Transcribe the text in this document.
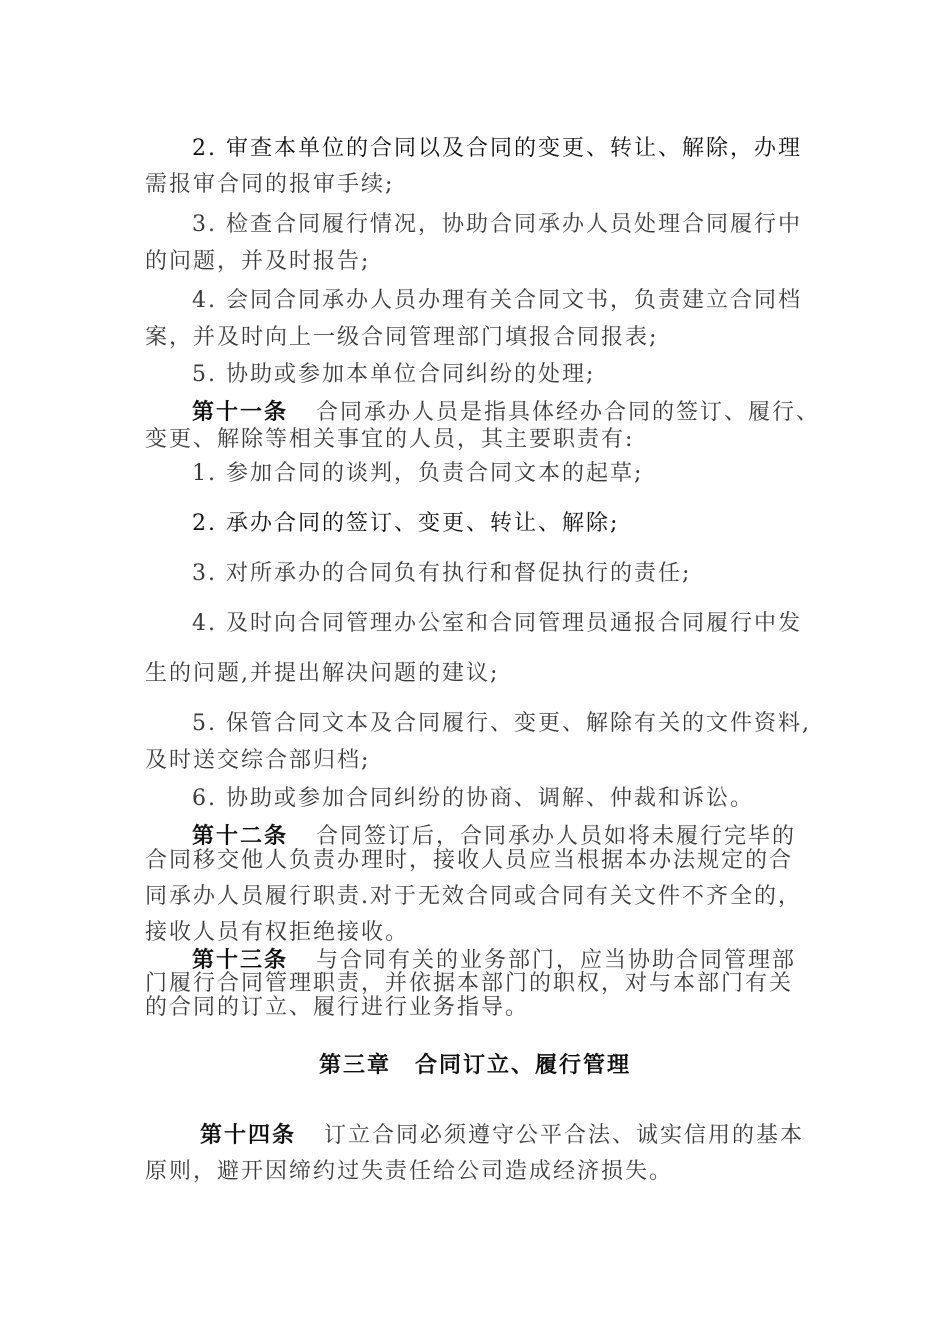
2. 审查本单位的合同以及合同的变更、转让、解除，办理
需报审合同的报审手续;
3. 检查合同履行情况，协助合同承办人员处理合同履行中
的问题，并及时报告;
4. 会同合同承办人员办理有关合同文书，负责建立合同档
案，并及时向上一级合同管理部门填报合同报表;
5. 协助或参加本单位合同纠纷的处理;
第十一条 合同承办人员是指具体经办合同的签订、履行、
变更、解除等相关事宜的人员，其主要职责有:
1. 参加合同的谈判，负责合同文本的起草;
2. 承办合同的签订、变更、转让、解除;
3. 对所承办的合同负有执行和督促执行的责任;
4. 及时向合同管理办公室和合同管理员通报合同履行中发
生的问题,并提出解决问题的建议;
5. 保管合同文本及合同履行、变更、解除有关的文件资料,
及时送交综合部归档;
6. 协助或参加合同纠纷的协商、调解、仲裁和诉讼。
第十二条 合同签订后，合同承办人员如将未履行完毕的
合同移交他人负责办理时，接收人员应当根据本办法规定的合
同承办人员履行职责.对于无效合同或合同有关文件不齐全的，
接收人员有权拒绝接收。
第十三条 与合同有关的业务部门，应当协助合同管理部
门履行合同管理职责，并依据本部门的职权，对与本部门有关
的合同的订立、履行进行业务指导。
第三章　合同订立、履行管理
第十四条 订立合同必须遵守公平合法、诚实信用的基本
原则，避开因缔约过失责任给公司造成经济损失。
